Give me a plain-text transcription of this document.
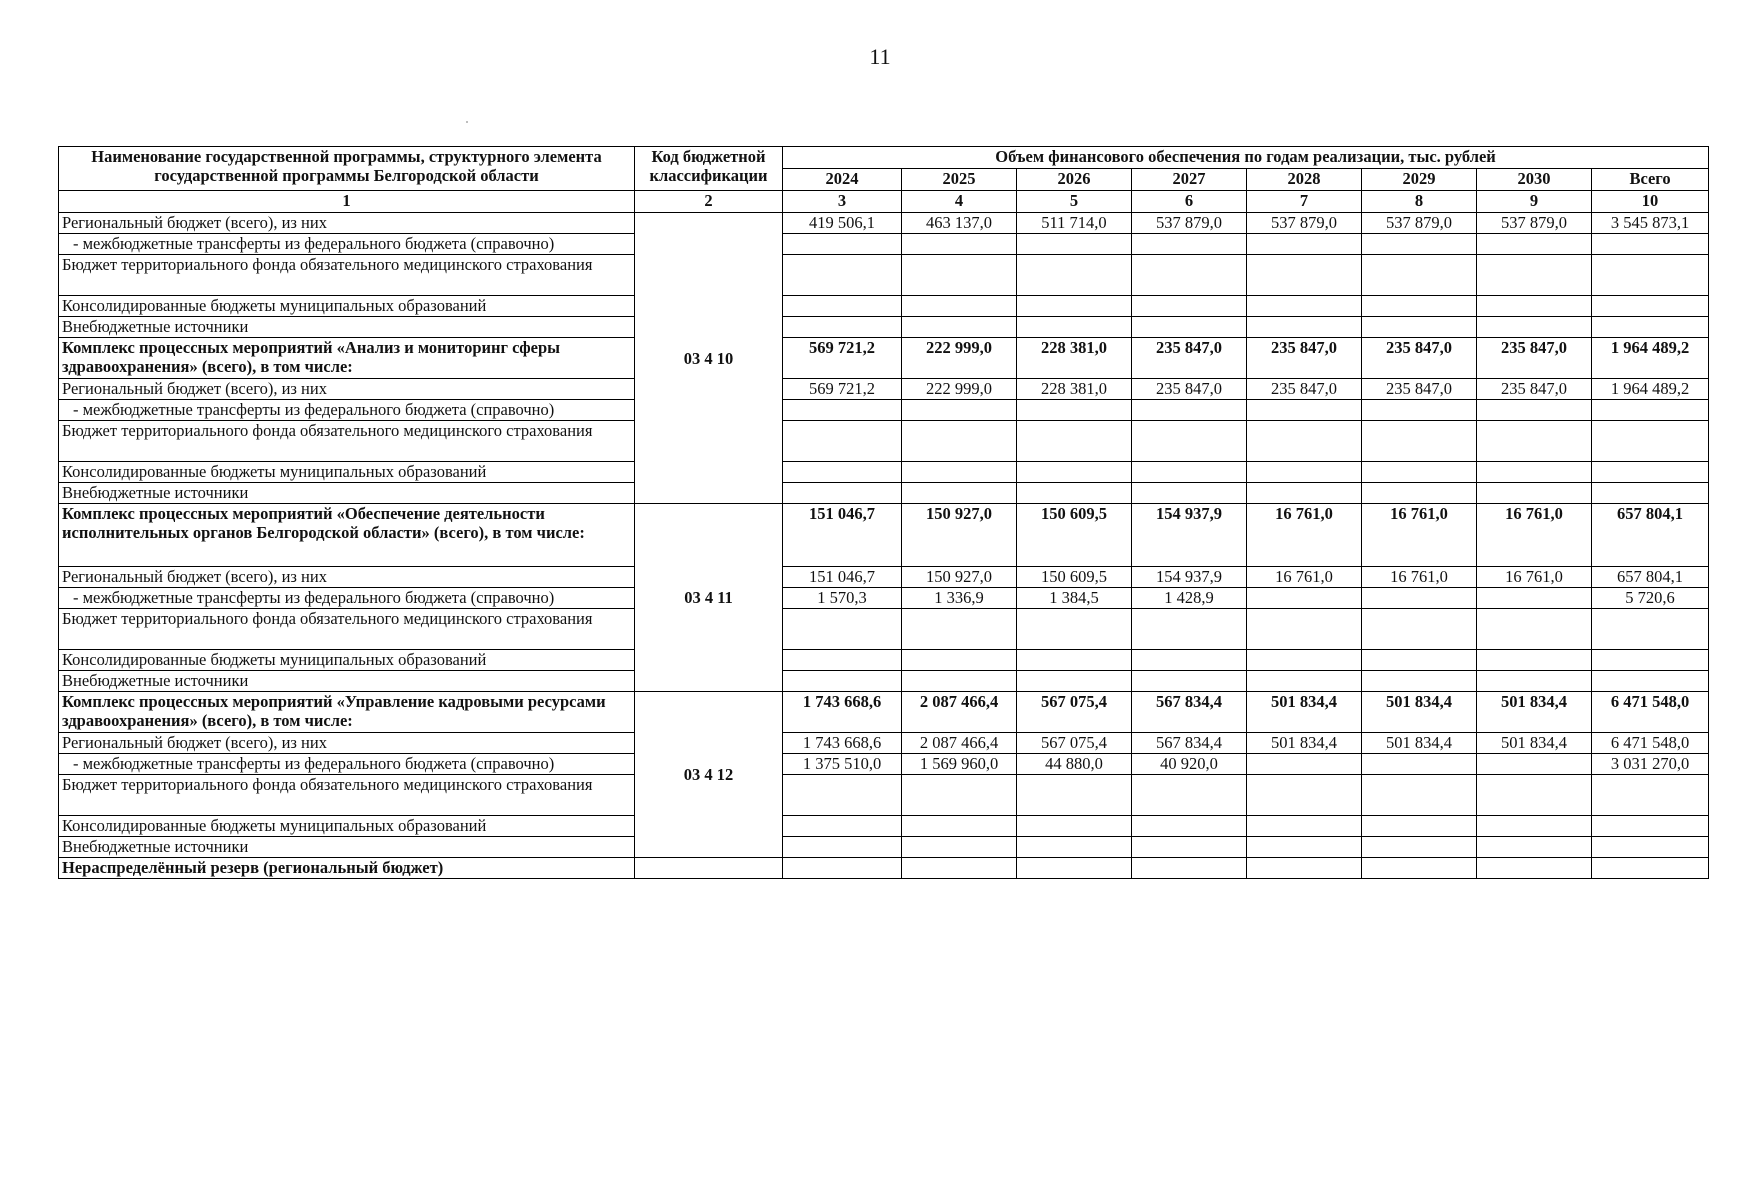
11
Наименование государственной программы, структурного элемента государственной программы Белгородской области	Код бюджетной классификации	Объем финансового обеспечения по годам реализации, тыс. рублей							
		2024	2025	2026	2027	2028	2029	2030	Всего
1	2	3	4	5	6	7	8	9	10
Региональный бюджет (всего), из них	03 4 10	419 506,1	463 137,0	511 714,0	537 879,0	537 879,0	537 879,0	537 879,0	3 545 873,1
- межбюджетные трансферты из федерального бюджета (справочно)									
Бюджет территориального фонда обязательного медицинского страхования									
Консолидированные бюджеты муниципальных образований									
Внебюджетные источники									
Комплекс процессных мероприятий «Анализ и мониторинг сферы здравоохранения» (всего), в том числе:		569 721,2	222 999,0	228 381,0	235 847,0	235 847,0	235 847,0	235 847,0	1 964 489,2
Региональный бюджет (всего), из них		569 721,2	222 999,0	228 381,0	235 847,0	235 847,0	235 847,0	235 847,0	1 964 489,2
- межбюджетные трансферты из федерального бюджета (справочно)									
Бюджет территориального фонда обязательного медицинского страхования									
Консолидированные бюджеты муниципальных образований									
Внебюджетные источники									
Комплекс процессных мероприятий «Обеспечение деятельности исполнительных органов Белгородской области» (всего), в том числе:	03 4 11	151 046,7	150 927,0	150 609,5	154 937,9	16 761,0	16 761,0	16 761,0	657 804,1
Региональный бюджет (всего), из них		151 046,7	150 927,0	150 609,5	154 937,9	16 761,0	16 761,0	16 761,0	657 804,1
- межбюджетные трансферты из федерального бюджета (справочно)		1 570,3	1 336,9	1 384,5	1 428,9				5 720,6
Бюджет территориального фонда обязательного медицинского страхования									
Консолидированные бюджеты муниципальных образований									
Внебюджетные источники									
Комплекс процессных мероприятий «Управление кадровыми ресурсами здравоохранения» (всего), в том числе:	03 4 12	1 743 668,6	2 087 466,4	567 075,4	567 834,4	501 834,4	501 834,4	501 834,4	6 471 548,0
Региональный бюджет (всего), из них		1 743 668,6	2 087 466,4	567 075,4	567 834,4	501 834,4	501 834,4	501 834,4	6 471 548,0
- межбюджетные трансферты из федерального бюджета (справочно)		1 375 510,0	1 569 960,0	44 880,0	40 920,0				3 031 270,0
Бюджет территориального фонда обязательного медицинского страхования									
Консолидированные бюджеты муниципальных образований									
Внебюджетные источники									
Нераспределённый резерв (региональный бюджет)									
